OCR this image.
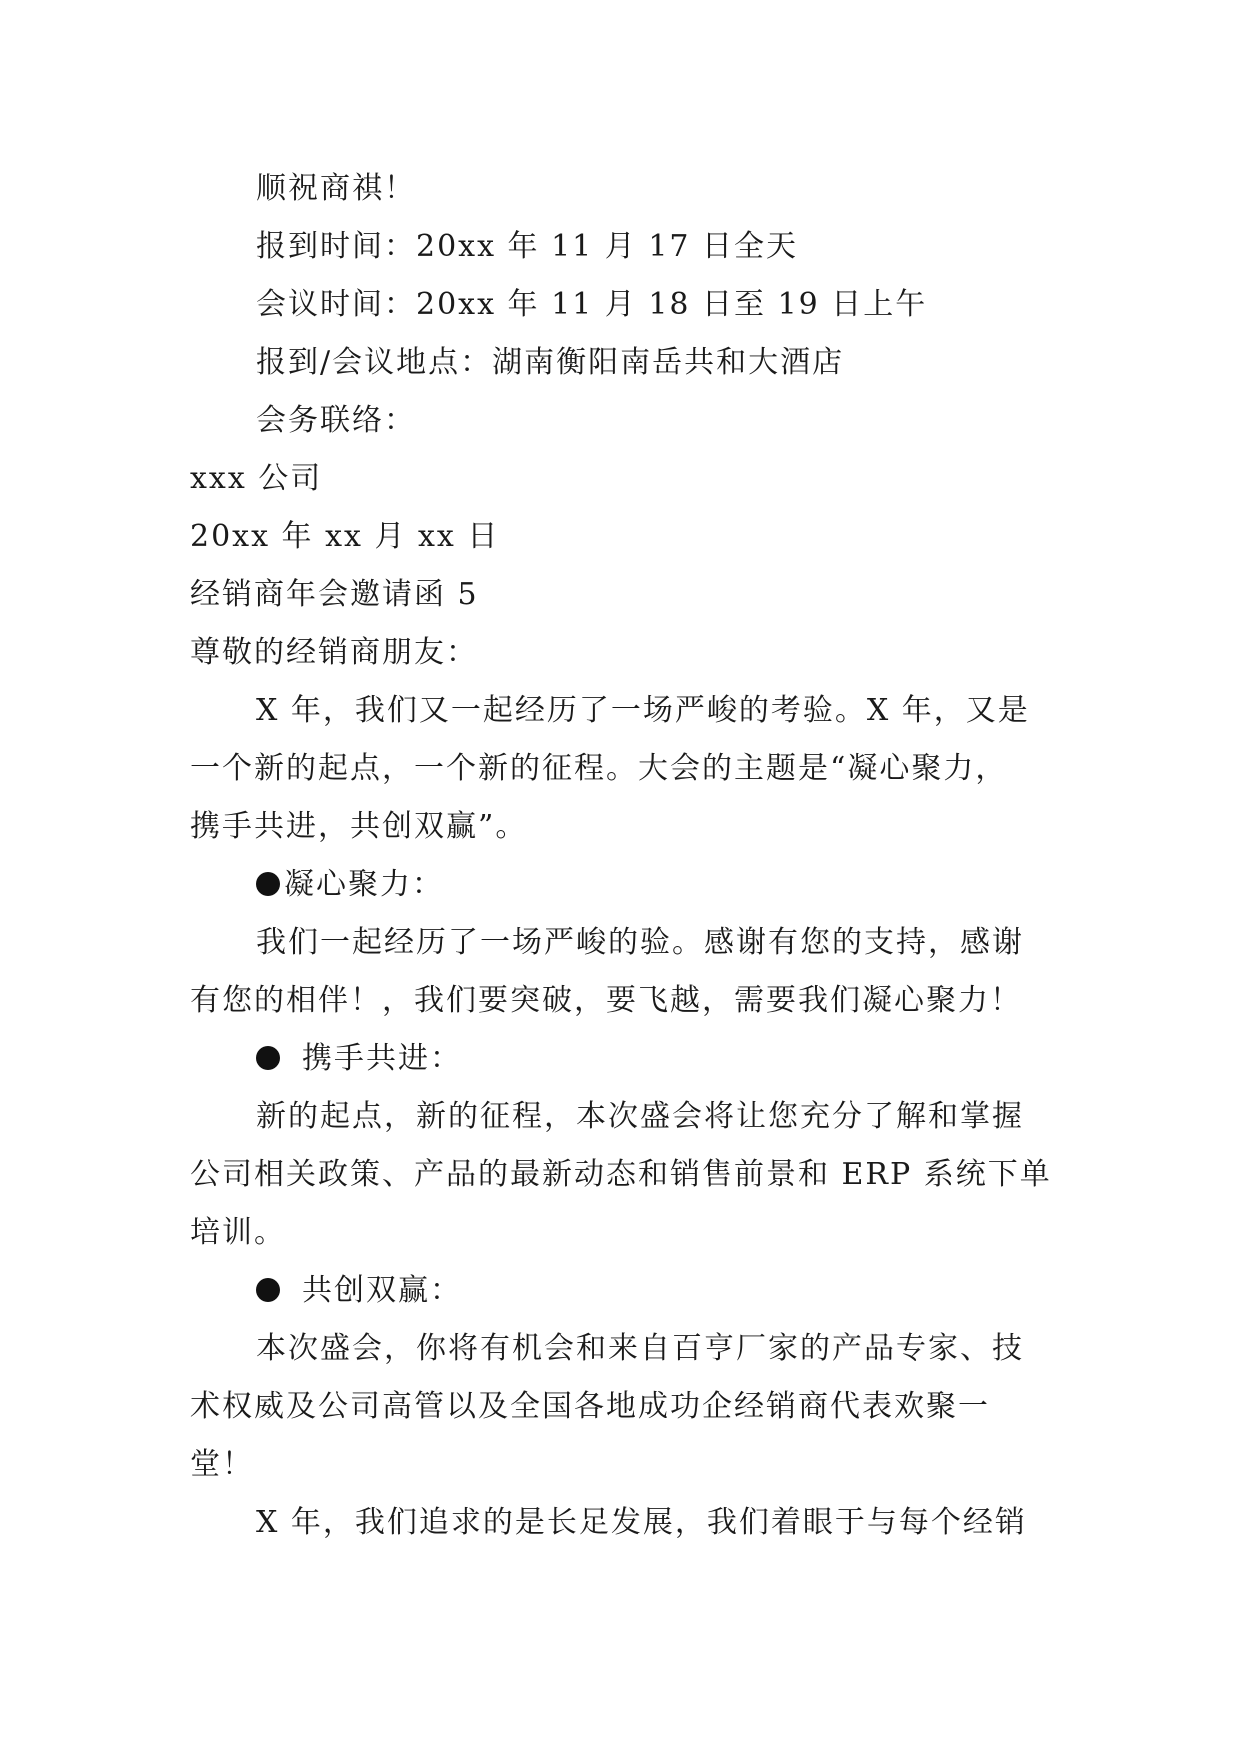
顺祝商祺！

报到时间：20xx 年 11 月 17 日全天

会议时间：20xx 年 11 月 18 日至 19 日上午

报到/会议地点：湖南衡阳南岳共和大酒店

会务联络：

xxx 公司

20xx 年 xx 月 xx 日

经销商年会邀请函 5

尊敬的经销商朋友：

X 年，我们又一起经历了一场严峻的考验。X 年，又是
一个新的起点，一个新的征程。大会的主题是“凝心聚力，
携手共进，共创双赢”。

凝心聚力：

我们一起经历了一场严峻的验。感谢有您的支持，感谢
有您的相伴！，我们要突破，要飞越，需要我们凝心聚力！

携手共进：

新的起点，新的征程，本次盛会将让您充分了解和掌握
公司相关政策、产品的最新动态和销售前景和 ERP 系统下单
培训。

共创双赢：

本次盛会，你将有机会和来自百亨厂家的产品专家、技
术权威及公司高管以及全国各地成功企经销商代表欢聚一
堂！

X 年，我们追求的是长足发展，我们着眼于与每个经销
